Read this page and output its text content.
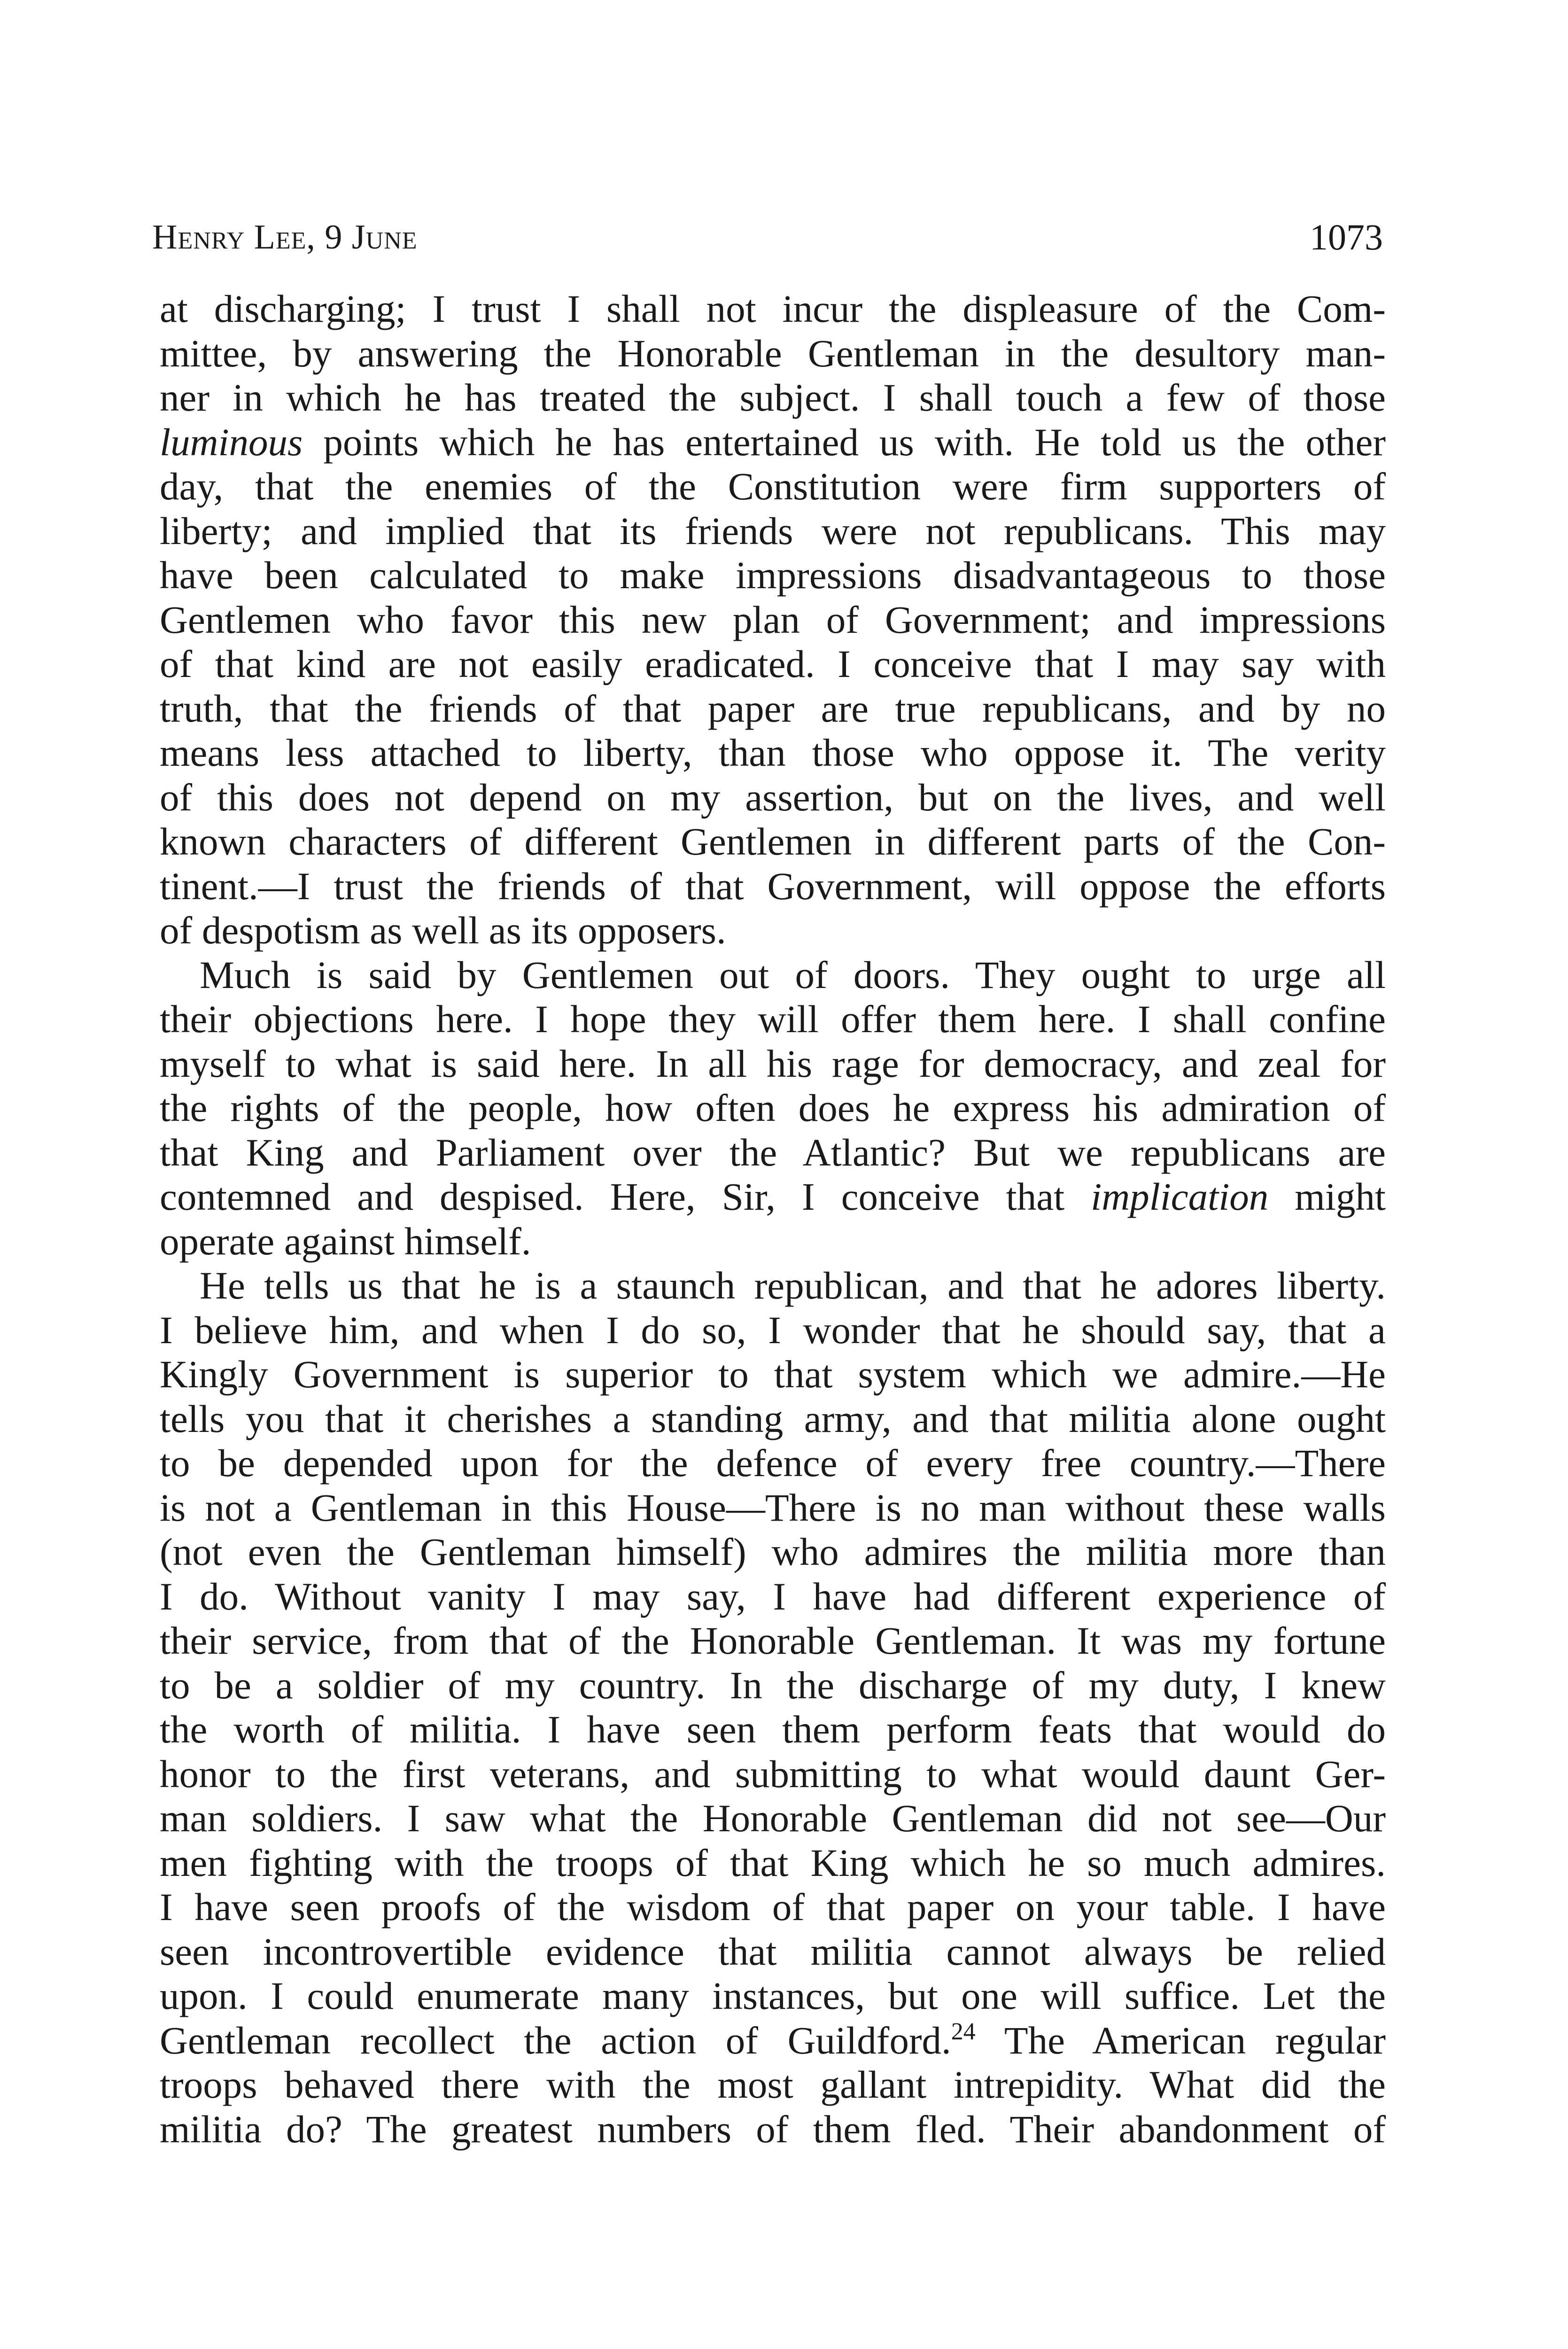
Henry Lee, 9 June	1073

at discharging; I trust I shall not incur the displeasure of the Com-
mittee, by answering the Honorable Gentleman in the desultory man-
ner in which he has treated the subject. I shall touch a few of those
luminous points which he has entertained us with. He told us the other
day, that the enemies of the Constitution were firm supporters of
liberty; and implied that its friends were not republicans. This may
have been calculated to make impressions disadvantageous to those
Gentlemen who favor this new plan of Government; and impressions
of that kind are not easily eradicated. I conceive that I may say with
truth, that the friends of that paper are true republicans, and by no
means less attached to liberty, than those who oppose it. The verity
of this does not depend on my assertion, but on the lives, and well
known characters of different Gentlemen in different parts of the Con-
tinent.—I trust the friends of that Government, will oppose the efforts
of despotism as well as its opposers.

Much is said by Gentlemen out of doors. They ought to urge all
their objections here. I hope they will offer them here. I shall confine
myself to what is said here. In all his rage for democracy, and zeal for
the rights of the people, how often does he express his admiration of
that King and Parliament over the Atlantic? But we republicans are
contemned and despised. Here, Sir, I conceive that implication might
operate against himself.

He tells us that he is a staunch republican, and that he adores liberty.
I believe him, and when I do so, I wonder that he should say, that a
Kingly Government is superior to that system which we admire.—He
tells you that it cherishes a standing army, and that militia alone ought
to be depended upon for the defence of every free country.—There
is not a Gentleman in this House—There is no man without these walls
(not even the Gentleman himself) who admires the militia more than
I do. Without vanity I may say, I have had different experience of
their service, from that of the Honorable Gentleman. It was my fortune
to be a soldier of my country. In the discharge of my duty, I knew
the worth of militia. I have seen them perform feats that would do
honor to the first veterans, and submitting to what would daunt Ger-
man soldiers. I saw what the Honorable Gentleman did not see—Our
men fighting with the troops of that King which he so much admires.
I have seen proofs of the wisdom of that paper on your table. I have
seen incontrovertible evidence that militia cannot always be relied
upon. I could enumerate many instances, but one will suffice. Let the
Gentleman recollect the action of Guildford.$^{24}$ The American regular
troops behaved there with the most gallant intrepidity. What did the
militia do? The greatest numbers of them fled. Their abandonment of
